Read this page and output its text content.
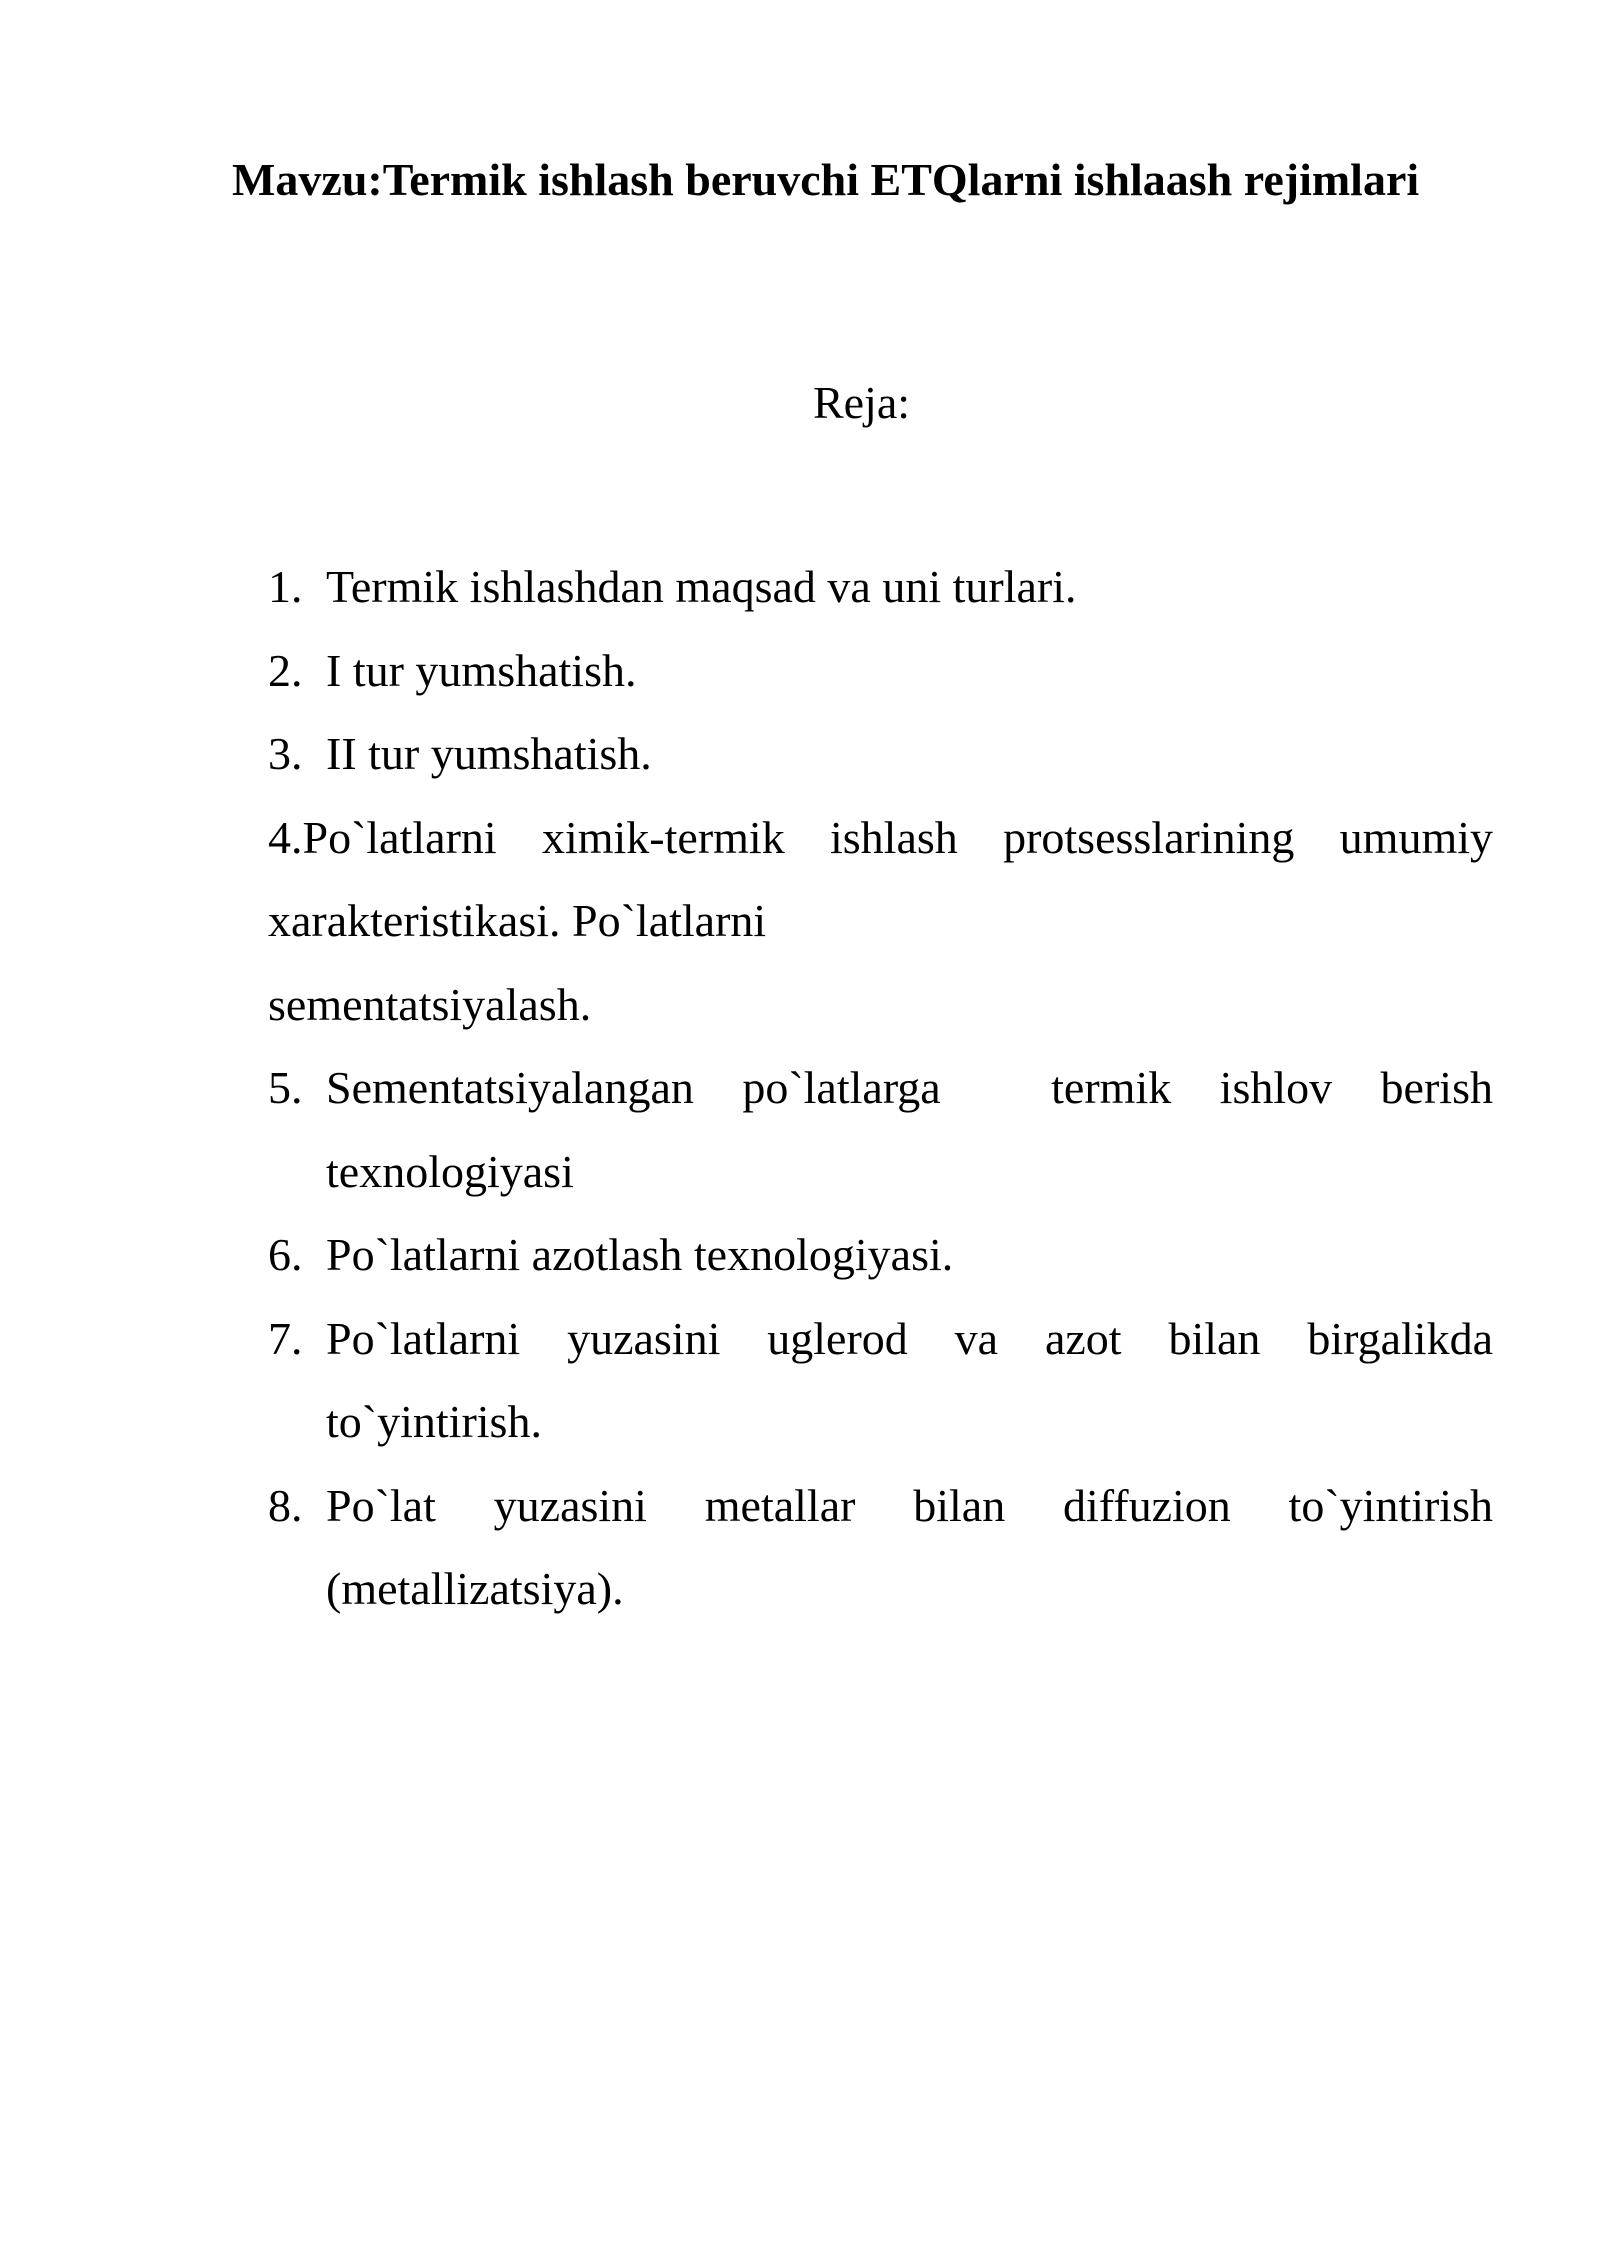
Mavzu:Termik ishlash beruvchi ETQlarni ishlaash rejimlari
Reja:
1. Termik ishlashdan maqsad va uni turlari.
2. I tur yumshatish.
3. II tur yumshatish.
4.Po`latlarni ximik-termik ishlash protsesslarining umumiy xarakteristikasi. Po`latlarni
sementatsiyalash.
5. Sementatsiyalangan po`latlarga termik ishlov berish texnologiyasi
6. Po`latlarni azotlash texnologiyasi.
7. Po`latlarni yuzasini uglerod va azot bilan birgalikda to`yintirish.
8. Po`lat yuzasini metallar bilan diffuzion to`yintirish (metallizatsiya).
